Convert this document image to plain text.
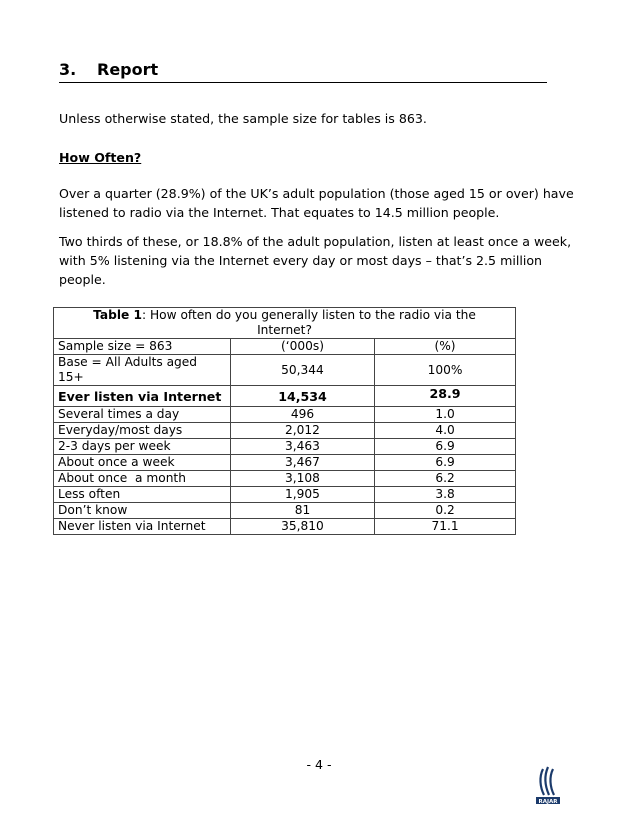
3. Report
Unless otherwise stated, the sample size for tables is 863.
How Often?
Over a quarter (28.9%) of the UK’s adult population (those aged 15 or over) have
listened to radio via the Internet. That equates to 14.5 million people.
Two thirds of these, or 18.8% of the adult population, listen at least once a week,
with 5% listening via the Internet every day or most days – that’s 2.5 million
people.
Table 1: How often do you generally listen to the radio via the
Internet?		
Sample size = 863	(‘000s)	(%)
Base = All Adults aged
15+	50,344	100%
Ever listen via Internet	14,534	28.9
Several times a day	496	1.0
Everyday/most days	2,012	4.0
2-3 days per week	3,463	6.9
About once a week	3,467	6.9
About once  a month	3,108	6.2
Less often	1,905	3.8
Don’t know	81	0.2
Never listen via Internet	35,810	71.1
- 4 -
RAJAR
